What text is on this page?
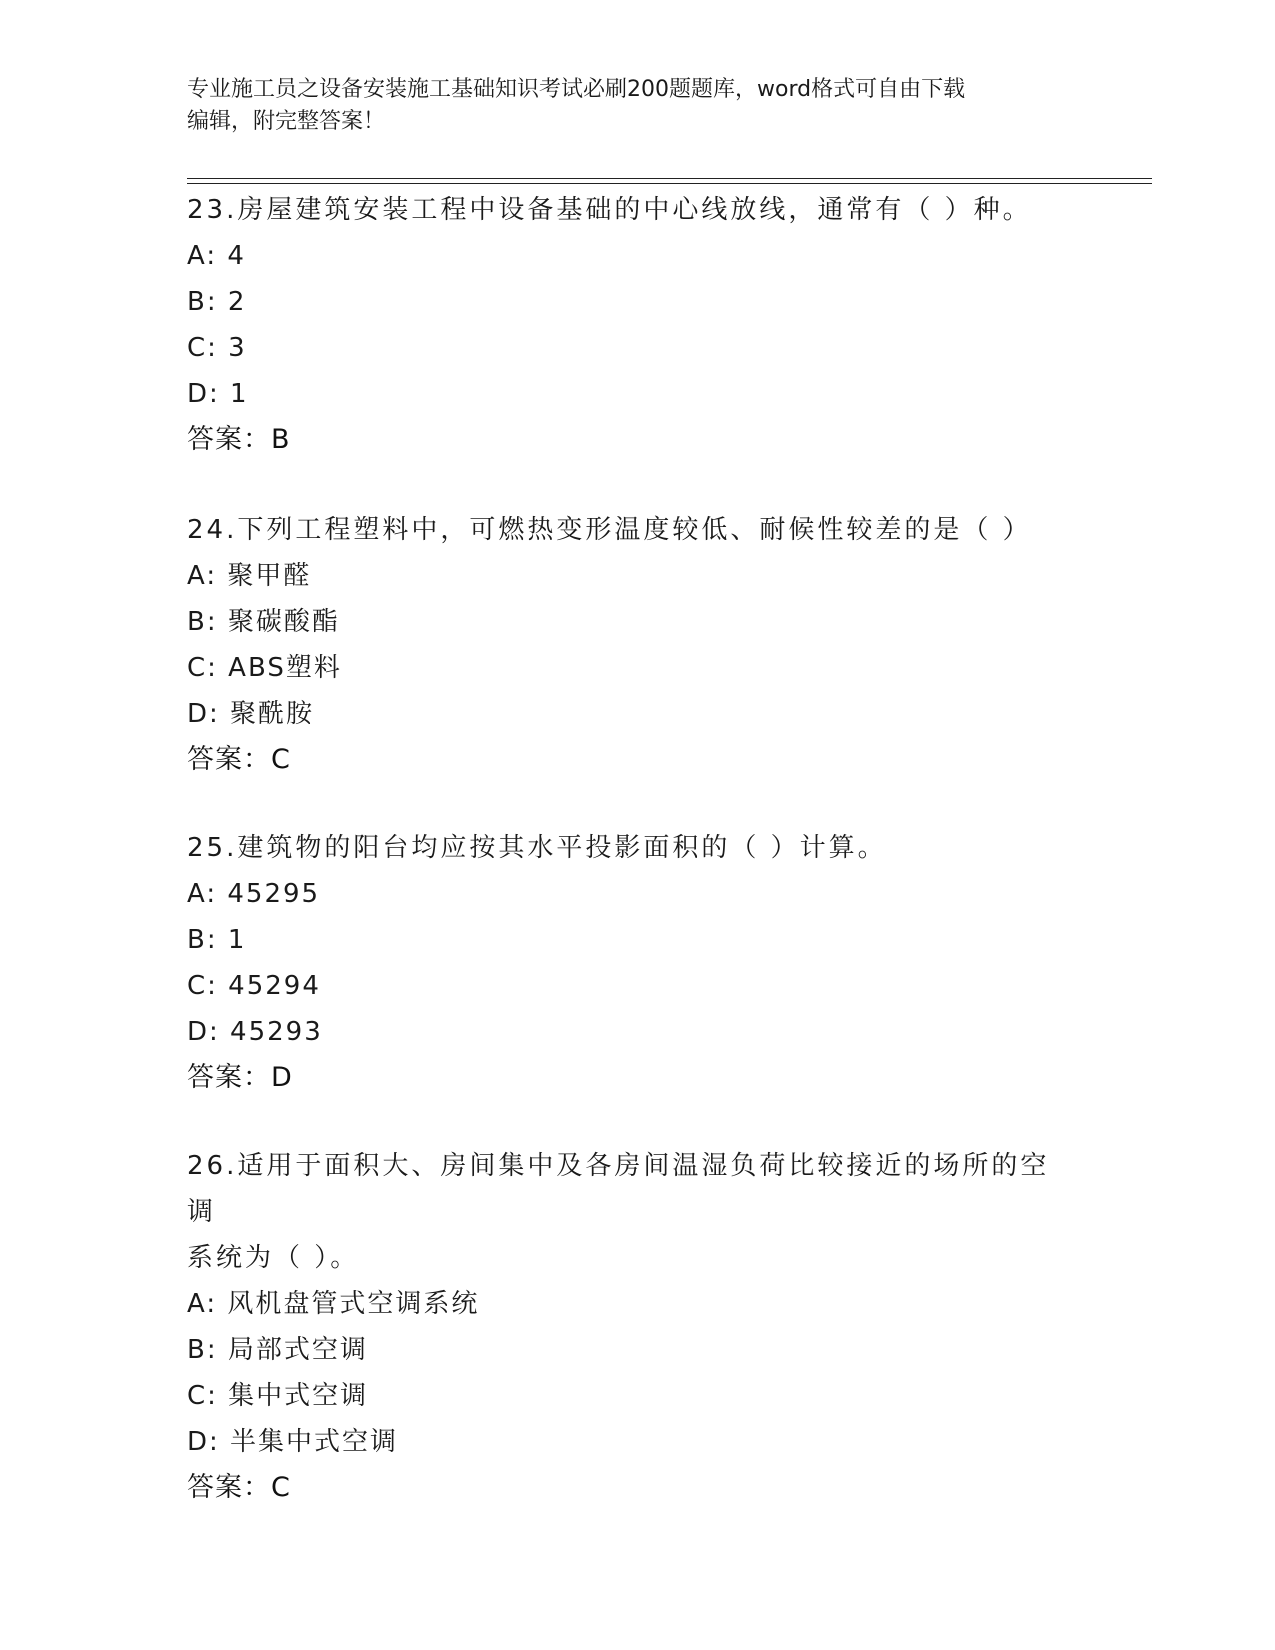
专业施工员之设备安装施工基础知识考试必刷200题题库，word格式可自由下载
编辑，附完整答案！

23.房屋建筑安装工程中设备基础的中心线放线，通常有（ ）种。

A: 4

B: 2

C: 3

D: 1

答案：B

24.下列工程塑料中，可燃热变形温度较低、耐候性较差的是（ ）

A: 聚甲醛

B: 聚碳酸酯

C: ABS塑料

D: 聚酰胺

答案：C

25.建筑物的阳台均应按其水平投影面积的（ ）计算。

A: 45295

B: 1

C: 45294

D: 45293

答案：D

26.适用于面积大、房间集中及各房间温湿负荷比较接近的场所的空调

系统为（ ）。

A: 风机盘管式空调系统

B: 局部式空调

C: 集中式空调

D: 半集中式空调

答案：C
